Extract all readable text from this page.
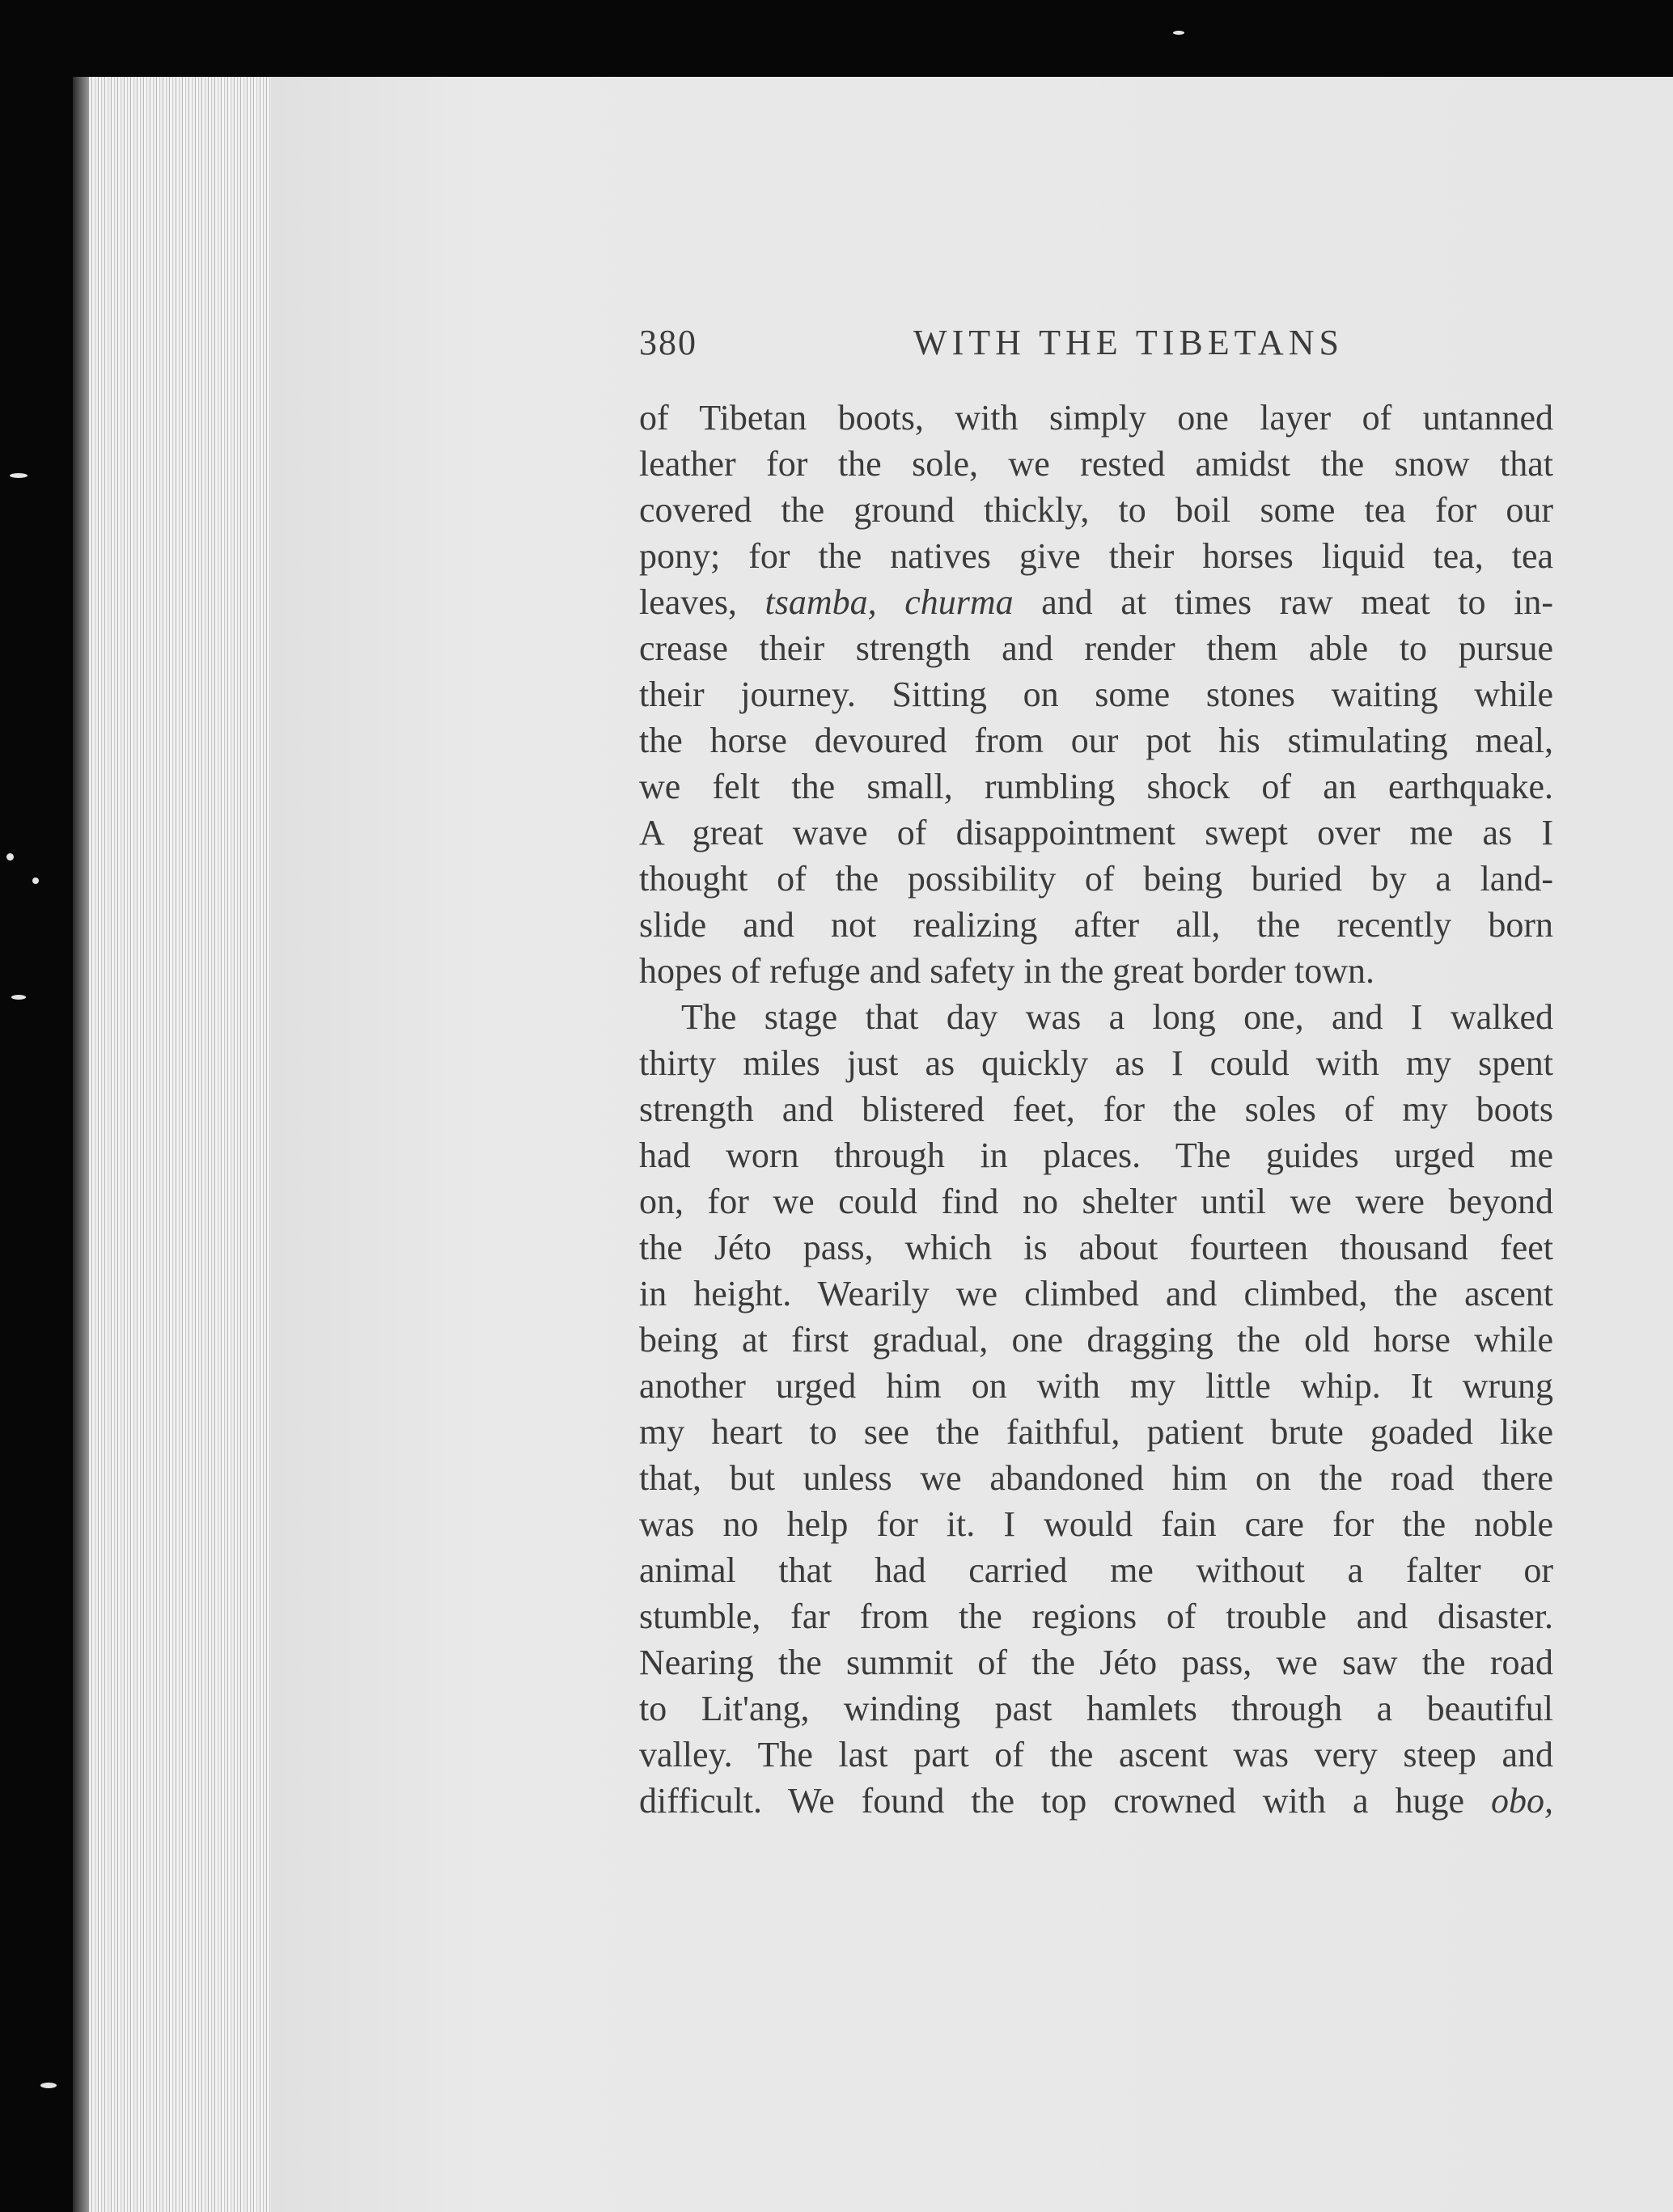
380	WITH THE TIBETANS
of Tibetan boots, with simply one layer of untanned
leather for the sole, we rested amidst the snow that
covered the ground thickly, to boil some tea for our
pony; for the natives give their horses liquid tea, tea
leaves, tsamba, churma and at times raw meat to in-
crease their strength and render them able to pursue
their journey. Sitting on some stones waiting while
the horse devoured from our pot his stimulating meal,
we felt the small, rumbling shock of an earthquake.
A great wave of disappointment swept over me as I
thought of the possibility of being buried by a land-
slide and not realizing after all, the recently born
hopes of refuge and safety in the great border town.
The stage that day was a long one, and I walked
thirty miles just as quickly as I could with my spent
strength and blistered feet, for the soles of my boots
had worn through in places. The guides urged me
on, for we could find no shelter until we were beyond
the Jéto pass, which is about fourteen thousand feet
in height. Wearily we climbed and climbed, the ascent
being at first gradual, one dragging the old horse while
another urged him on with my little whip. It wrung
my heart to see the faithful, patient brute goaded like
that, but unless we abandoned him on the road there
was no help for it. I would fain care for the noble
animal that had carried me without a falter or
stumble, far from the regions of trouble and disaster.
Nearing the summit of the Jéto pass, we saw the road
to Lit'ang, winding past hamlets through a beautiful
valley. The last part of the ascent was very steep and
difficult. We found the top crowned with a huge obo,
